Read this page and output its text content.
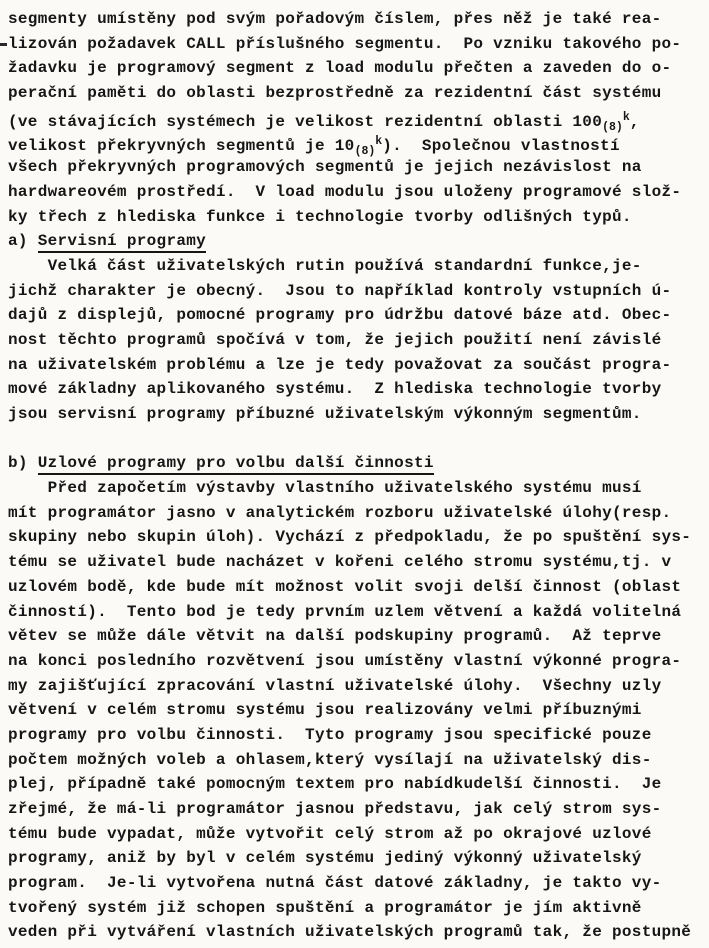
segmenty umístěny pod svým pořadovým číslem, přes něž je také rea-
lizován požadavek CALL příslušného segmentu.  Po vzniku takového po-
žadavku je programový segment z load modulu přečten a zaveden do o-
perační paměti do oblasti bezprostředně za rezidentní část systému
(ve stávajících systémech je velikost rezidentní oblasti $100_{(8)}^k$,
velikost překryvných segmentů je $10_{(8)}^k$).  Společnou vlastností
všech překryvných programových segmentů je jejich nezávislost na
hardwareovém prostředí.  V load modulu jsou uloženy programové slož-
ky třech z hlediska funkce i technologie tvorby odlišných typů.
a) Servisní programy
Velká část uživatelských rutin používá standardní funkce,je-
jichž charakter je obecný.  Jsou to například kontroly vstupních ú-
dajů z displejů, pomocné programy pro údržbu datové báze atd. Obec-
nost těchto programů spočívá v tom, že jejich použití není závislé
na uživatelském problému a lze je tedy považovat za součást progra-
mové základny aplikovaného systému.  Z hlediska technologie tvorby
jsou servisní programy příbuzné uživatelským výkonným segmentům.
b) Uzlové programy pro volbu další činnosti
Před započetím výstavby vlastního uživatelského systému musí
mít programátor jasno v analytickém rozboru uživatelské úlohy(resp.
skupiny nebo skupin úloh). Vychází z předpokladu, že po spuštění sys-
tému se uživatel bude nacházet v kořeni celého stromu systému,tj. v
uzlovém bodě, kde bude mít možnost volit svoji delší činnost (oblast
činností).  Tento bod je tedy prvním uzlem větvení a každá volitelná
větev se může dále větvit na další podskupiny programů.  Až teprve
na konci posledního rozvětvení jsou umístěny vlastní výkonné progra-
my zajišťující zpracování vlastní uživatelské úlohy.  Všechny uzly
větvení v celém stromu systému jsou realizovány velmi příbuznými
programy pro volbu činnosti.  Tyto programy jsou specifické pouze
počtem možných voleb a ohlasem,který vysílají na uživatelský dis-
plej, případně také pomocným textem pro nabídkudelší činnosti.  Je
zřejmé, že má-li programátor jasnou představu, jak celý strom sys-
tému bude vypadat, může vytvořit celý strom až po okrajové uzlové
programy, aniž by byl v celém systému jediný výkonný uživatelský
program.  Je-li vytvořena nutná část datové základny, je takto vy-
tvořený systém již schopen spuštění a programátor je jím aktivně
veden při vytváření vlastních uživatelských programů tak, že postupně
